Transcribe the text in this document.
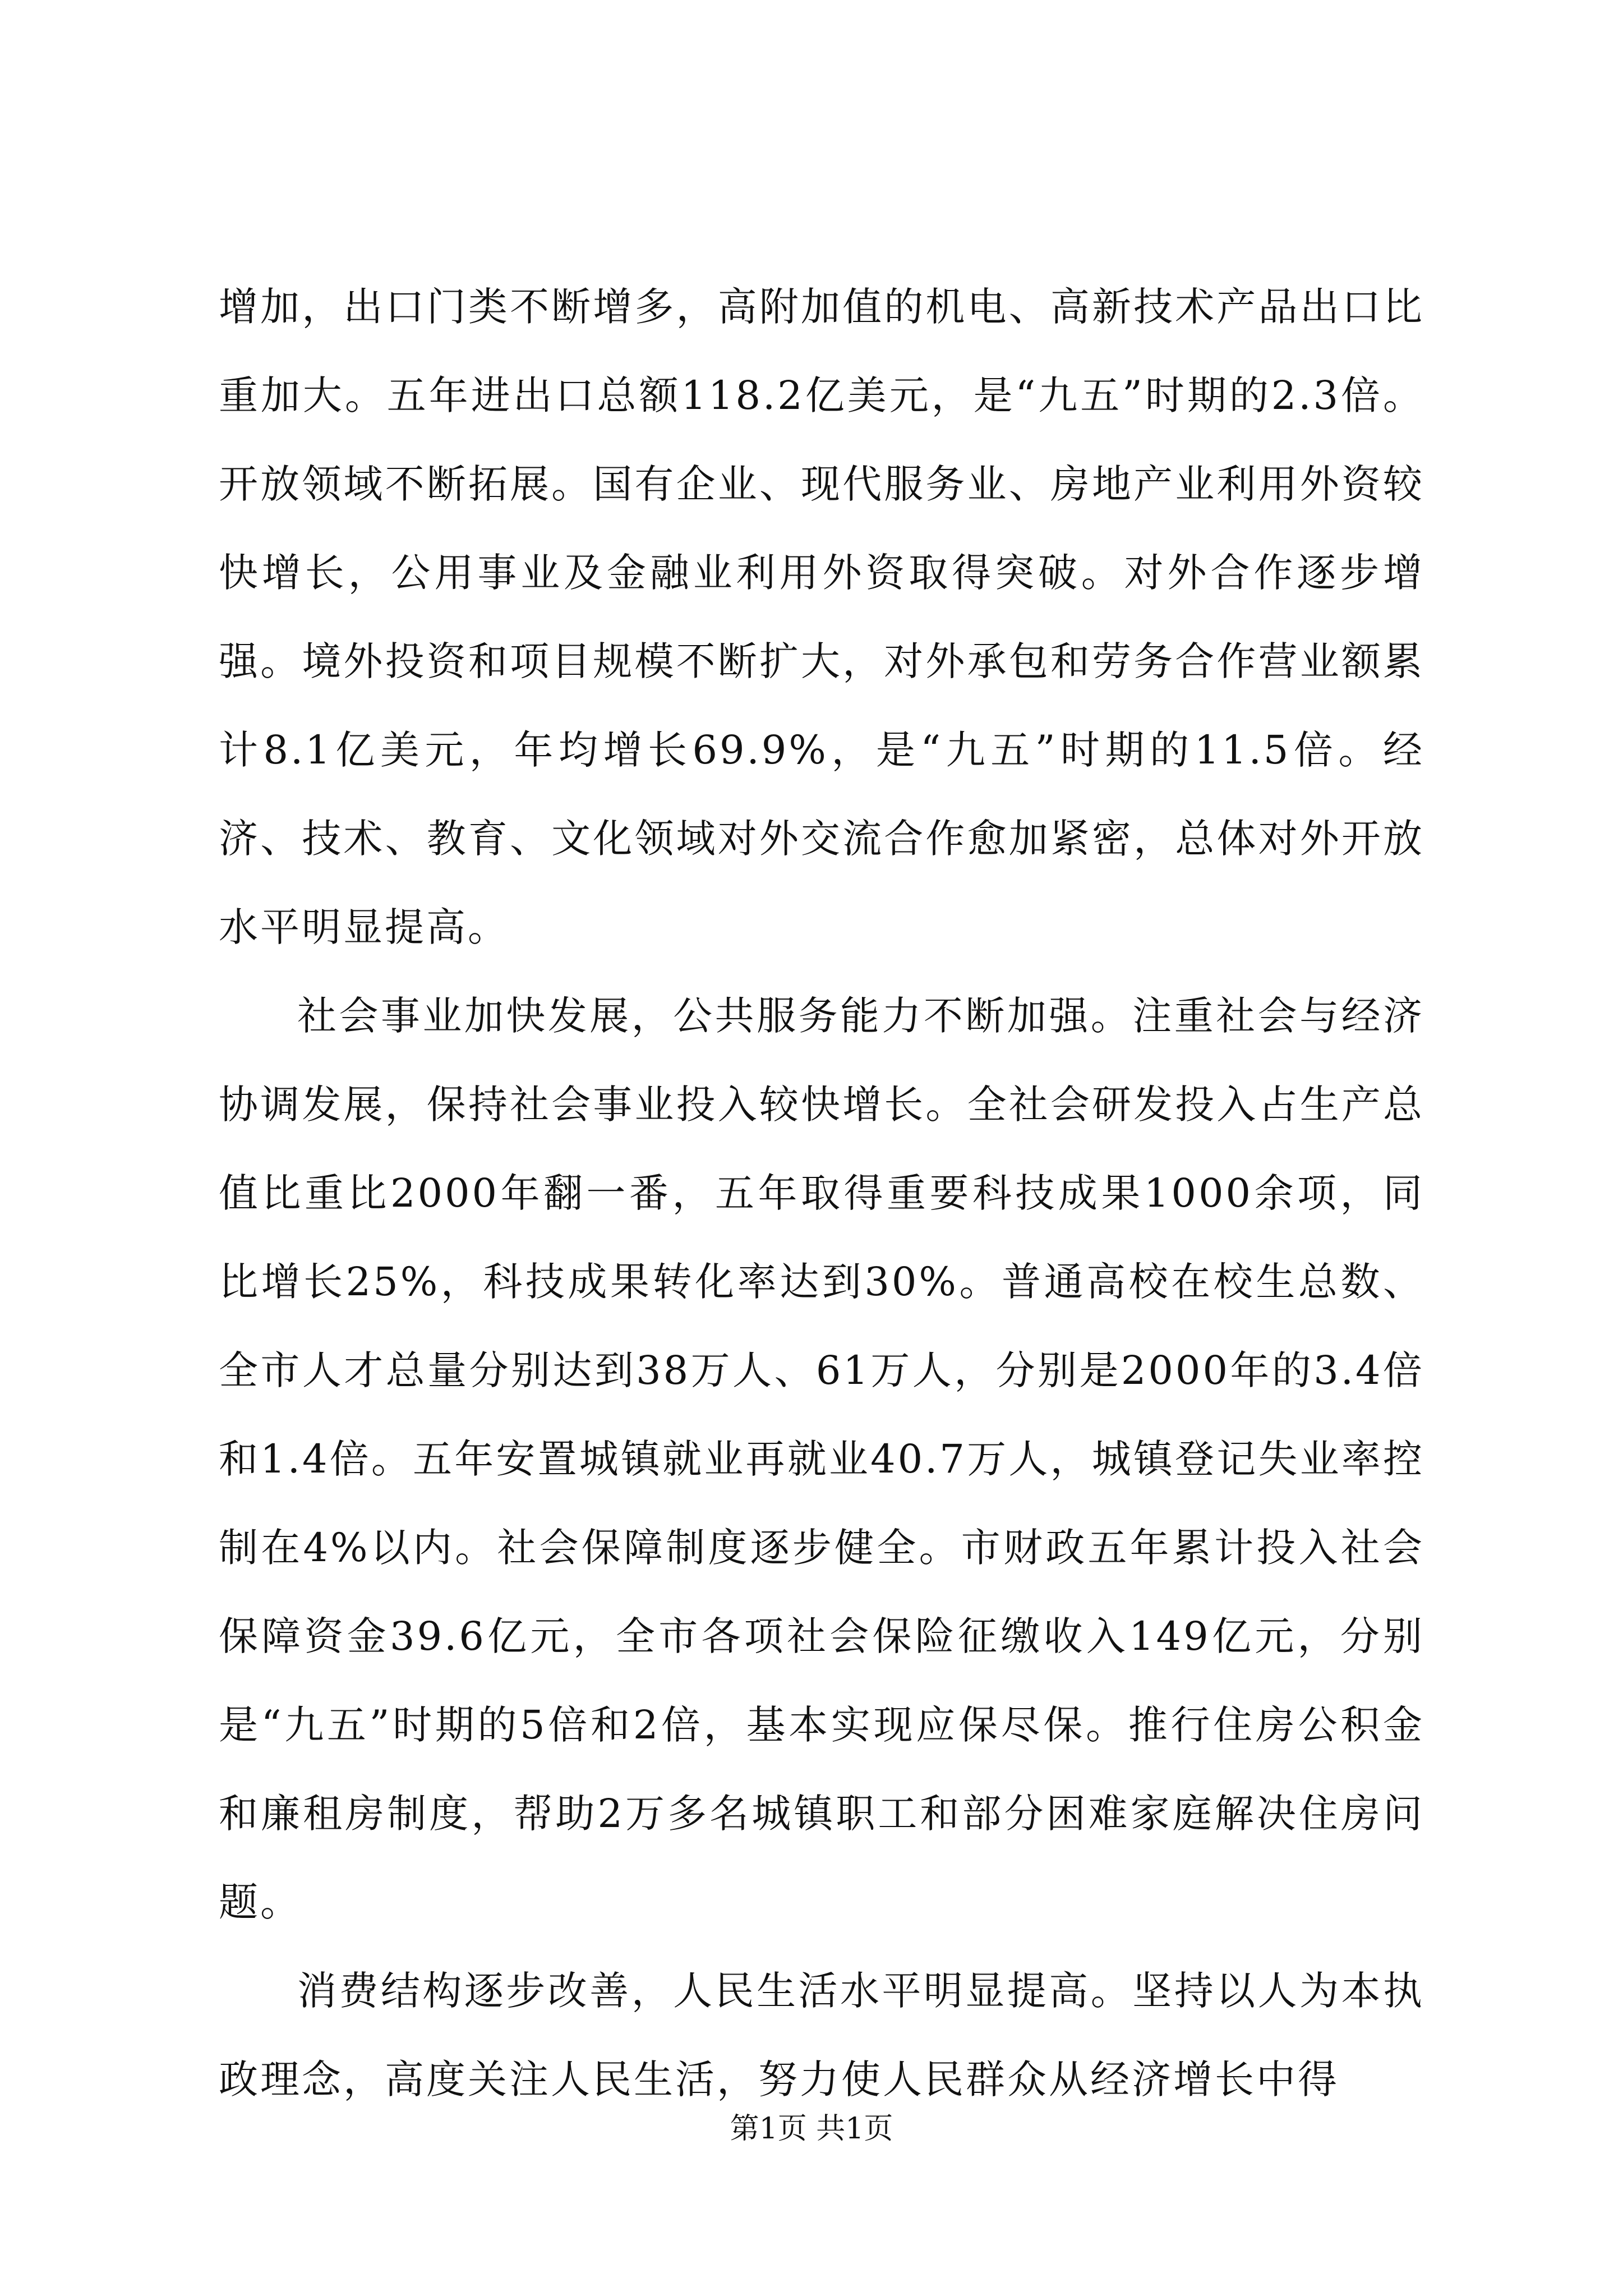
增加，出口门类不断增多，高附加值的机电、高新技术产品出口比重加大。五年进出口总额118.2亿美元，是“九五”时期的2.3倍。开放领域不断拓展。国有企业、现代服务业、房地产业利用外资较快增长，公用事业及金融业利用外资取得突破。对外合作逐步增强。境外投资和项目规模不断扩大，对外承包和劳务合作营业额累计8.1亿美元，年均增长69.9%，是“九五”时期的11.5倍。经济、技术、教育、文化领域对外交流合作愈加紧密，总体对外开放水平明显提高。

社会事业加快发展，公共服务能力不断加强。注重社会与经济协调发展，保持社会事业投入较快增长。全社会研发投入占生产总值比重比2000年翻一番，五年取得重要科技成果1000余项，同比增长25%，科技成果转化率达到30%。普通高校在校生总数、全市人才总量分别达到38万人、61万人，分别是2000年的3.4倍和1.4倍。五年安置城镇就业再就业40.7万人，城镇登记失业率控制在4%以内。社会保障制度逐步健全。市财政五年累计投入社会保障资金39.6亿元，全市各项社会保险征缴收入149亿元，分别是“九五”时期的5倍和2倍，基本实现应保尽保。推行住房公积金和廉租房制度，帮助2万多名城镇职工和部分困难家庭解决住房问题。

消费结构逐步改善，人民生活水平明显提高。坚持以人为本执政理念，高度关注人民生活，努力使人民群众从经济增长中得

第1页 共1页
